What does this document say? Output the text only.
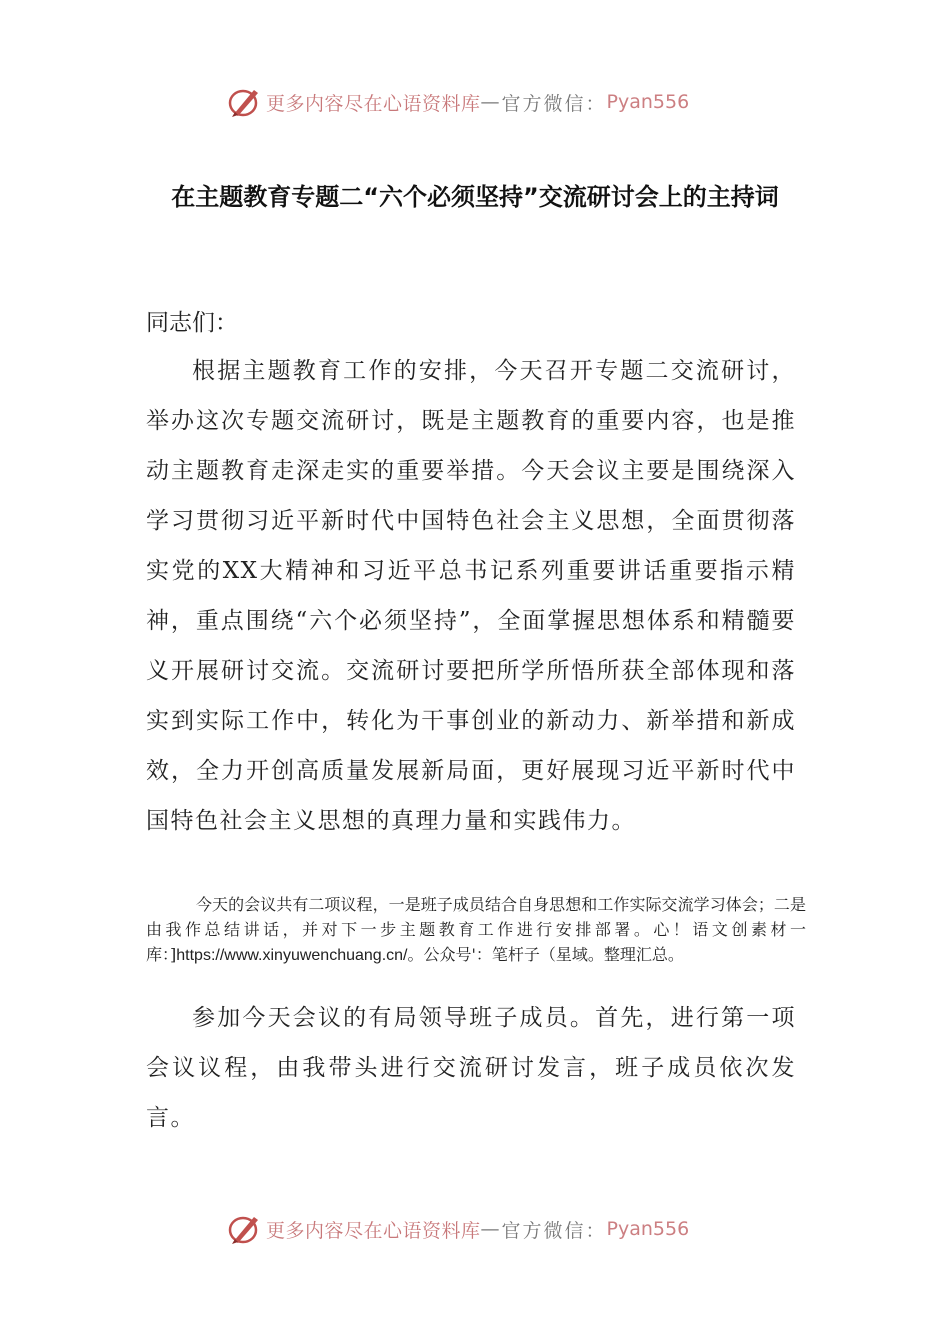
更多内容尽在心语资料库 — 官方微信： Pyan556
在主题教育专题二“六个必须坚持”交流研讨会上的主持词

同志们：

根据主题教育工作的安排，今天召开专题二交流研讨，举办这次专题交流研讨，既是主题教育的重要内容，也是推动主题教育走深走实的重要举措。今天会议主要是围绕深入学习贯彻习近平新时代中国特色社会主义思想，全面贯彻落实党的XX大精神和习近平总书记系列重要讲话重要指示精神，重点围绕“六个必须坚持”，全面掌握思想体系和精髓要义开展研讨交流。交流研讨要把所学所悟所获全部体现和落实到实际工作中，转化为干事创业的新动力、新举措和新成效，全力开创高质量发展新局面，更好展现习近平新时代中国特色社会主义思想的真理力量和实践伟力。

今天的会议共有二项议程，一是班子成员结合自身思想和工作实际交流学习体会；二是由我作总结讲话，并对下一步主题教育工作进行安排部署。心！语文创素材一库：]https://www.xinyuwenchuang.cn/。公众号'：笔杆子（星域。整理汇总。

参加今天会议的有局领导班子成员。首先，进行第一项会议议程，由我带头进行交流研讨发言，班子成员依次发言。

更多内容尽在心语资料库 — 官方微信： Pyan556
